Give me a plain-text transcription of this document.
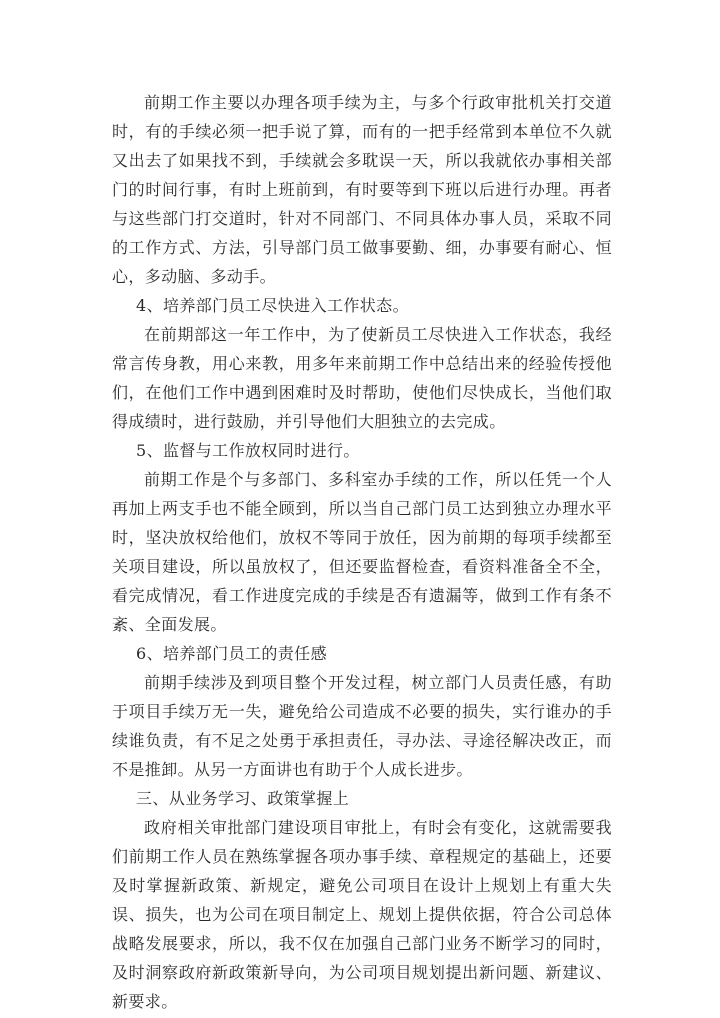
前期工作主要以办理各项手续为主，与多个行政审批机关打交道时，有的手续必须一把手说了算，而有的一把手经常到本单位不久就又出去了如果找不到，手续就会多耽误一天，所以我就依办事相关部门的时间行事，有时上班前到，有时要等到下班以后进行办理。再者与这些部门打交道时，针对不同部门、不同具体办事人员，采取不同的工作方式、方法，引导部门员工做事要勤、细，办事要有耐心、恒心，多动脑、多动手。

4、培养部门员工尽快进入工作状态。

在前期部这一年工作中，为了使新员工尽快进入工作状态，我经常言传身教，用心来教，用多年来前期工作中总结出来的经验传授他们，在他们工作中遇到困难时及时帮助，使他们尽快成长，当他们取得成绩时，进行鼓励，并引导他们大胆独立的去完成。

5、监督与工作放权同时进行。

前期工作是个与多部门、多科室办手续的工作，所以任凭一个人再加上两支手也不能全顾到，所以当自己部门员工达到独立办理水平时，坚决放权给他们，放权不等同于放任，因为前期的每项手续都至关项目建设，所以虽放权了，但还要监督检查，看资料准备全不全，看完成情况，看工作进度完成的手续是否有遗漏等，做到工作有条不紊、全面发展。

6、培养部门员工的责任感

前期手续涉及到项目整个开发过程，树立部门人员责任感，有助于项目手续万无一失，避免给公司造成不必要的损失，实行谁办的手续谁负责，有不足之处勇于承担责任，寻办法、寻途径解决改正，而不是推卸。从另一方面讲也有助于个人成长进步。

三、从业务学习、政策掌握上

政府相关审批部门建设项目审批上，有时会有变化，这就需要我们前期工作人员在熟练掌握各项办事手续、章程规定的基础上，还要及时掌握新政策、新规定，避免公司项目在设计上规划上有重大失误、损失，也为公司在项目制定上、规划上提供依据，符合公司总体战略发展要求，所以，我不仅在加强自己部门业务不断学习的同时，及时洞察政府新政策新导向，为公司项目规划提出新问题、新建议、新要求。
